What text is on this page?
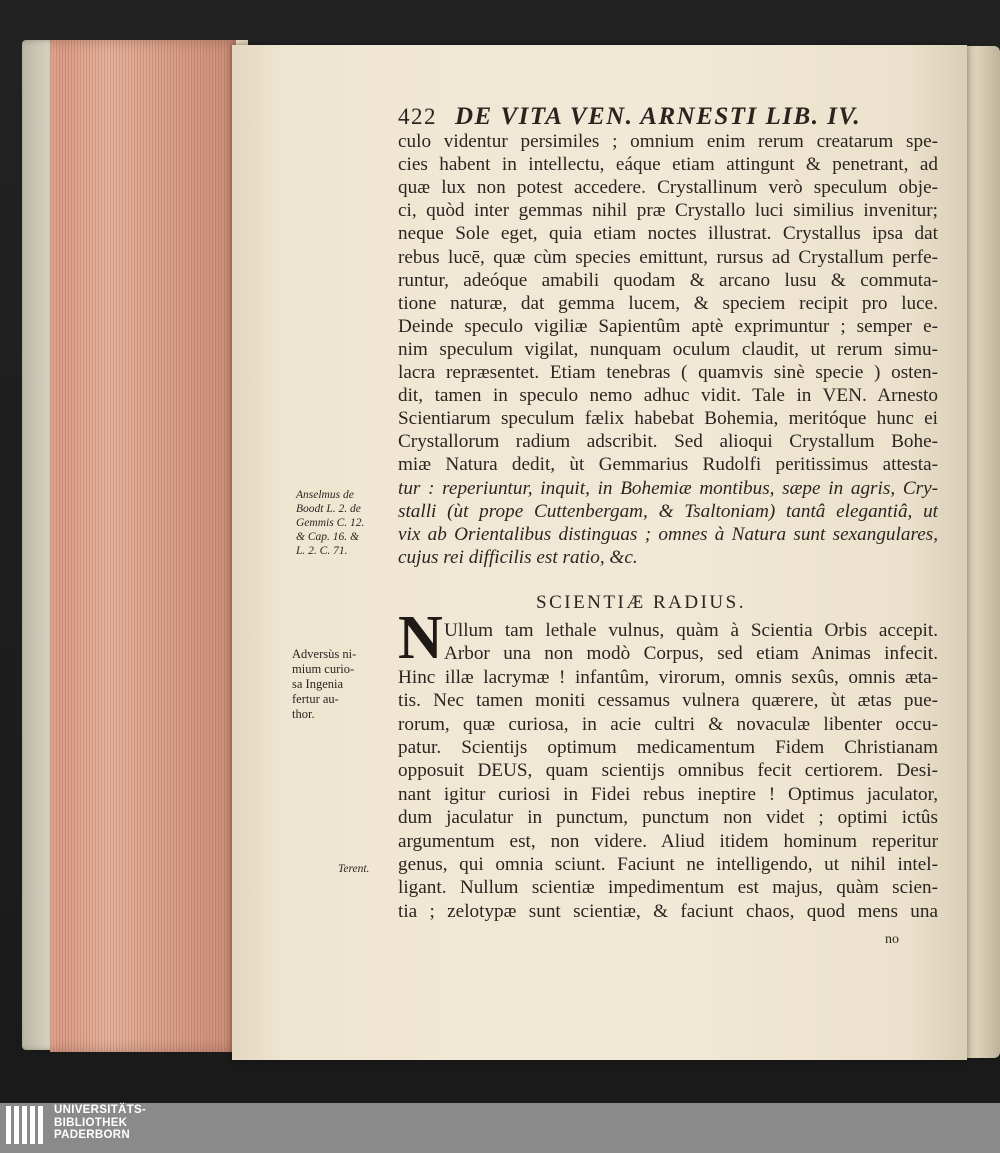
422 DE VITA VEN. ARNESTI LIB. IV.
culo videntur persimiles ; omnium enim rerum creatarum spe-
cies habent in intellectu, eáque etiam attingunt & penetrant, ad
quæ lux non potest accedere. Crystallinum verò speculum obje-
ci, quòd inter gemmas nihil præ Crystallo luci similius invenitur;
neque Sole eget, quia etiam noctes illustrat. Crystallus ipsa dat
rebus lucē, quæ cùm species emittunt, rursus ad Crystallum perfe-
runtur, adeóque amabili quodam & arcano lusu & commuta-
tione naturæ, dat gemma lucem, & speciem recipit pro luce.
Deinde speculo vigiliæ Sapientûm aptè exprimuntur ; semper e-
nim speculum vigilat, nunquam oculum claudit, ut rerum simu-
lacra repræsentet. Etiam tenebras ( quamvis sinè specie ) osten-
dit, tamen in speculo nemo adhuc vidit. Tale in VEN. Arnesto
Scientiarum speculum fælix habebat Bohemia, meritóque hunc ei
Crystallorum radium adscribit. Sed alioqui Crystallum Bohe-
miæ Natura dedit, ùt Gemmarius Rudolfi peritissimus attesta-
tur : reperiuntur, inquit, in Bohemiæ montibus, sæpe in agris, Cry-
stalli (ùt prope Cuttenbergam, & Tsaltoniam) tantâ elegantiâ, ut
vix ab Orientalibus distinguas ; omnes à Natura sunt sexangulares,
cujus rei difficilis est ratio, &c.
Anselmus de
Boodt L. 2. de
Gemmis C. 12.
& Cap. 16. &
L. 2. C. 71.
SCIENTIÆ RADIUS.
N Ullum tam lethale vulnus, quàm à Scientia Orbis accepit.
Arbor una non modò Corpus, sed etiam Animas infecit.
Hinc illæ lacrymæ ! infantûm, virorum, omnis sexûs, omnis æta-
tis. Nec tamen moniti cessamus vulnera quærere, ùt ætas pue-
rorum, quæ curiosa, in acie cultri & novaculæ libenter occu-
patur. Scientijs optimum medicamentum Fidem Christianam
opposuit DEUS, quam scientijs omnibus fecit certiorem. Desi-
nant igitur curiosi in Fidei rebus ineptire ! Optimus jaculator,
dum jaculatur in punctum, punctum non videt ; optimi ictûs
argumentum est, non videre. Aliud itidem hominum reperitur
genus, qui omnia sciunt. Faciunt ne intelligendo, ut nihil intel-
ligant. Nullum scientiæ impedimentum est majus, quàm scien-
tia ; zelotypæ sunt scientiæ, & faciunt chaos, quod mens una
Adversùs ni-
mium curio-
sa Ingenia
fertur au-
thor.
Terent.
no
UNIVERSITÄTS-
BIBLIOTHEK
PADERBORN
